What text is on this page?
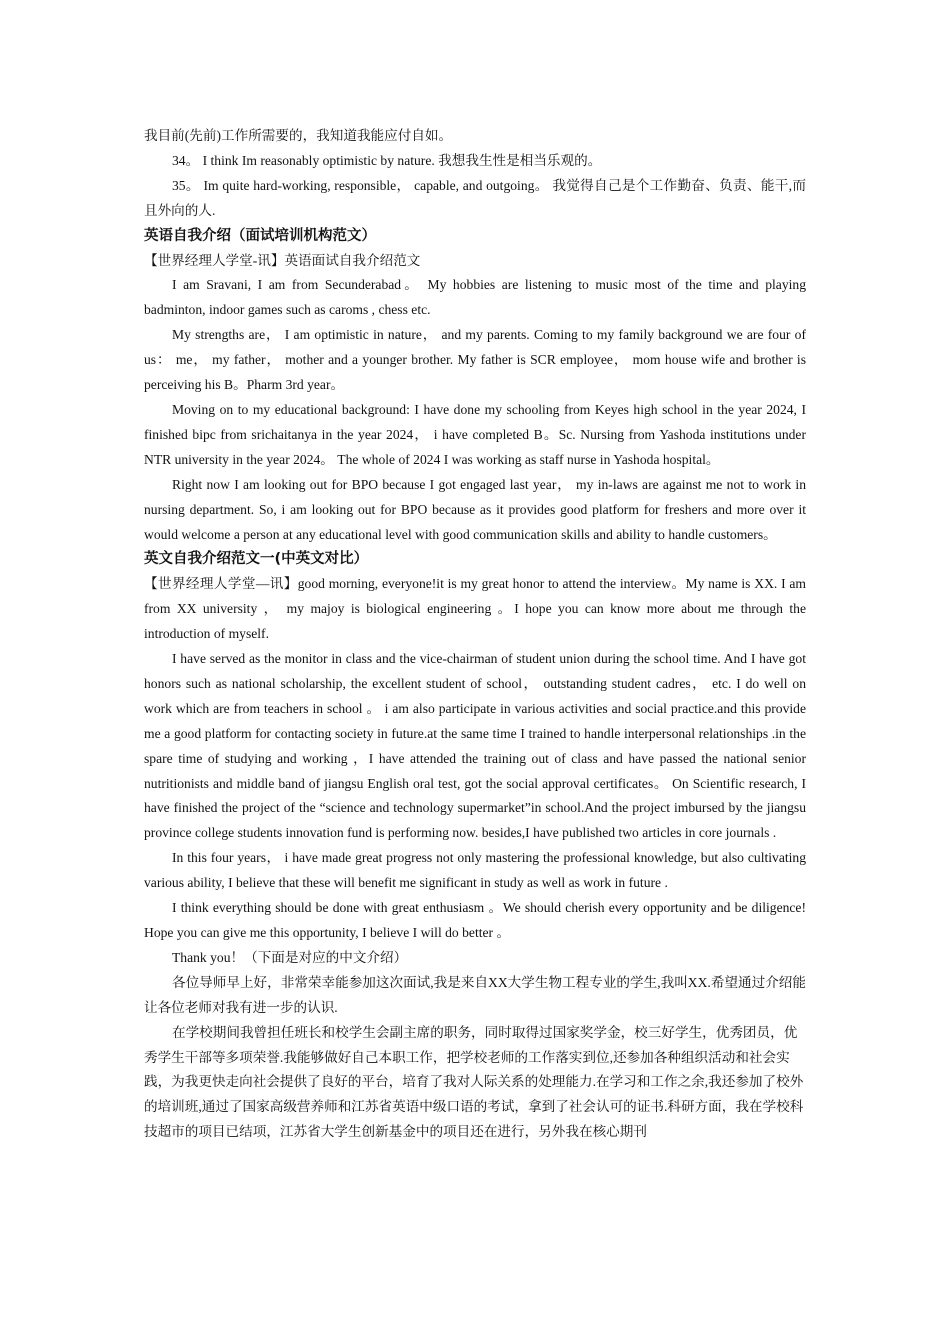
我目前(先前)工作所需要的，我知道我能应付自如。

34。 I think Im reasonably optimistic by nature. 我想我生性是相当乐观的。

35。 Im quite hard-working, responsible， capable, and outgoing。 我觉得自己是个工作勤奋、负责、能干,而且外向的人.

英语自我介绍（面试培训机构范文）

【世界经理人学堂-讯】英语面试自我介绍范文

I am Sravani, I am from Secunderabad。 My hobbies are listening to music most of the time and playing badminton, indoor games such as caroms , chess etc.

My strengths are， I am optimistic in nature， and my parents. Coming to my family background we are four of us： me， my father， mother and a younger brother. My father is SCR employee， mom house wife and brother is perceiving his B。Pharm 3rd year。

Moving on to my educational background: I have done my schooling from Keyes high school in the year 2024, I finished bipc from srichaitanya in the year 2024， i have completed B。Sc. Nursing from Yashoda institutions under NTR university in the year 2024。 The whole of 2024 I was working as staff nurse in Yashoda hospital。

Right now I am looking out for BPO because I got engaged last year， my in-laws are against me not to work in nursing department. So, i am looking out for BPO because as it provides good platform for freshers and more over it would welcome a person at any educational level with good communication skills and ability to handle customers。

英文自我介绍范文一(中英文对比）

【世界经理人学堂—讯】good morning, everyone!it is my great honor to attend the interview。My name is XX. I am from XX university ， my majoy is biological engineering 。I hope you can know more about me through the introduction of myself.

I have served as the monitor in class and the vice-chairman of student union during the school time. And I have got honors such as national scholarship, the excellent student of school， outstanding student cadres， etc. I do well on work which are from teachers in school 。 i am also participate in various activities and social practice.and this provide me a good platform for contacting society in future.at the same time I trained to handle interpersonal relationships .in the spare time of studying and working ，I have attended the training out of class and have passed the national senior nutritionists and middle band of jiangsu English oral test, got the social approval certificates。 On Scientific research, I have finished the project of the “science and technology supermarket”in school.And the project imbursed by the jiangsu province college students innovation fund is performing now. besides,I have published two articles in core journals .

In this four years， i have made great progress not only mastering the professional knowledge, but also cultivating various ability, I believe that these will benefit me significant in study as well as work in future .

I think everything should be done with great enthusiasm 。We should cherish every opportunity and be diligence! Hope you can give me this opportunity, I believe I will do better 。

Thank you！（下面是对应的中文介绍）

各位导师早上好，非常荣幸能参加这次面试,我是来自XX大学生物工程专业的学生,我叫XX.希望通过介绍能让各位老师对我有进一步的认识.

在学校期间我曾担任班长和校学生会副主席的职务，同时取得过国家奖学金，校三好学生，优秀团员，优秀学生干部等多项荣誉.我能够做好自己本职工作，把学校老师的工作落实到位,还参加各种组织活动和社会实践，为我更快走向社会提供了良好的平台，培育了我对人际关系的处理能力.在学习和工作之余,我还参加了校外的培训班,通过了国家高级营养师和江苏省英语中级口语的考试，拿到了社会认可的证书.科研方面，我在学校科技超市的项目已结项，江苏省大学生创新基金中的项目还在进行，另外我在核心期刊
